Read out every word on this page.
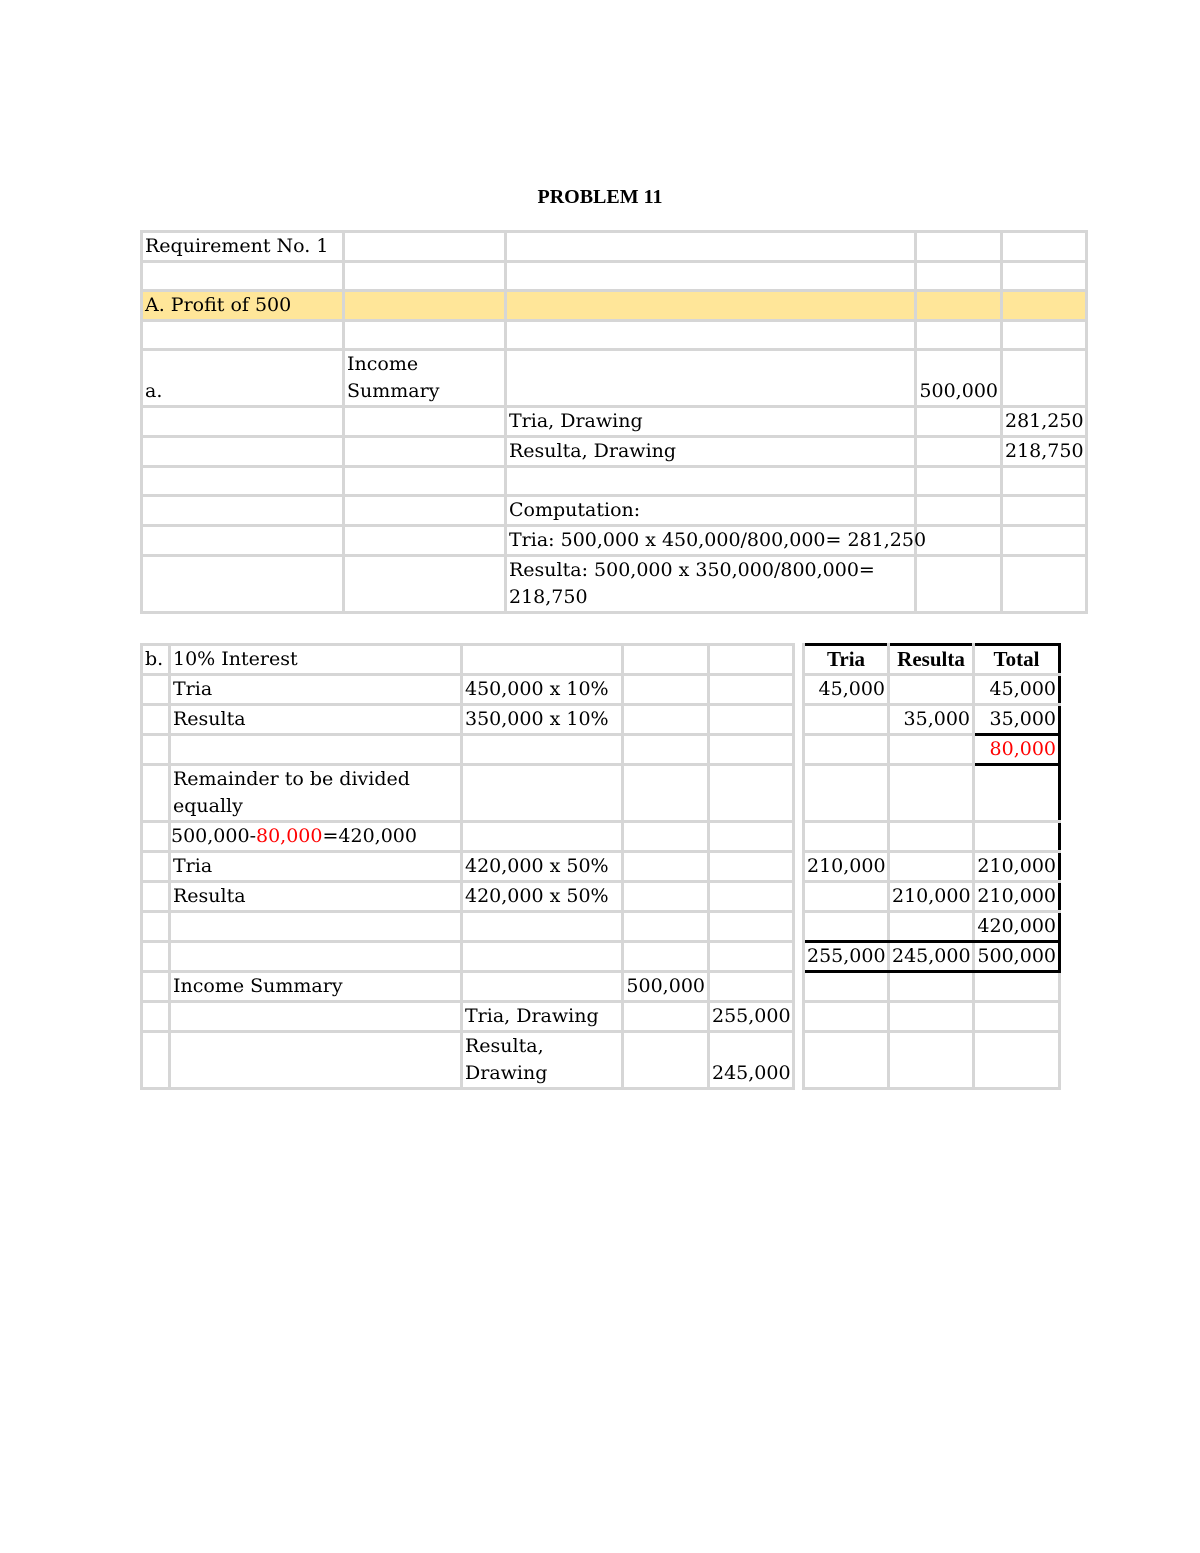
PROBLEM 11
Requirement No. 1				

A. Profit of 500				

a.	Income Summary		500,000	
		Tria, Drawing		281,250
		Resulta, Drawing		218,750

		Computation:		
		Tria: 500,000 x 450,000/800,000= 281,250		
		Resulta: 500,000 x 350,000/800,000= 218,750		
b.	10% Interest					Tria	Resulta	Total
	Tria	450,000 x 10%				45,000		45,000
	Resulta	350,000 x 10%					35,000	35,000
								80,000
	Remainder to be divided equally							
	500,000-80,000=420,000							
	Tria	420,000 x 50%				210,000		210,000
	Resulta	420,000 x 50%					210,000	210,000
								420,000
						255,000	245,000	500,000
	Income Summary		500,000					
		Tria, Drawing		255,000				
		Resulta, Drawing		245,000				
